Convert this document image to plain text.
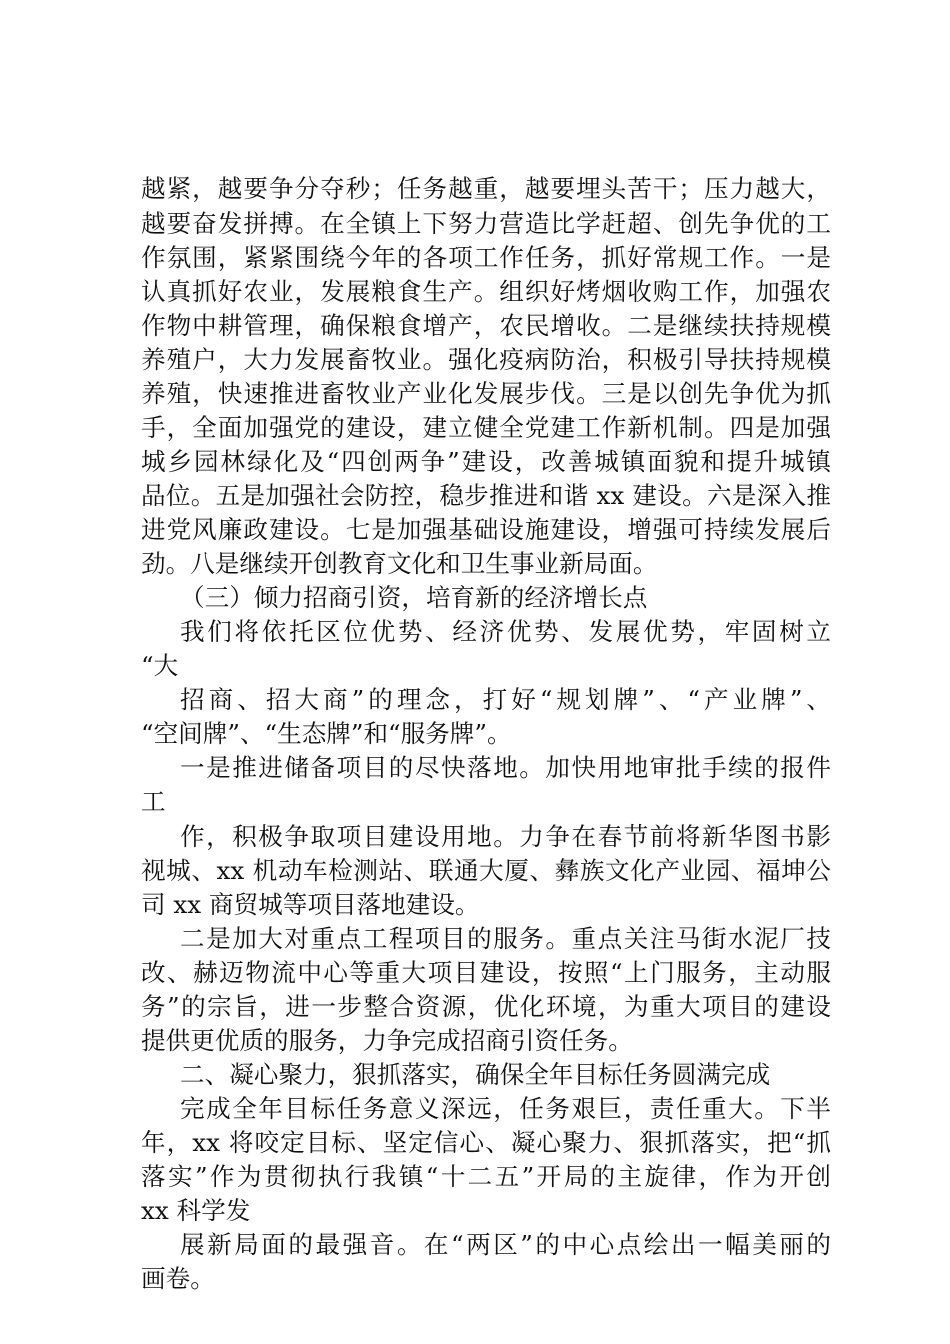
越紧，越要争分夺秒；任务越重，越要埋头苦干；压力越大，
越要奋发拼搏。在全镇上下努力营造比学赶超、创先争优的工
作氛围，紧紧围绕今年的各项工作任务，抓好常规工作。一是
认真抓好农业，发展粮食生产。组织好烤烟收购工作，加强农
作物中耕管理，确保粮食增产，农民增收。二是继续扶持规模
养殖户，大力发展畜牧业。强化疫病防治，积极引导扶持规模
养殖，快速推进畜牧业产业化发展步伐。三是以创先争优为抓
手，全面加强党的建设，建立健全党建工作新机制。四是加强
城乡园林绿化及“四创两争”建设，改善城镇面貌和提升城镇
品位。五是加强社会防控，稳步推进和谐 xx 建设。六是深入推
进党风廉政建设。七是加强基础设施建设，增强可持续发展后
劲。八是继续开创教育文化和卫生事业新局面。
（三）倾力招商引资，培育新的经济增长点
我们将依托区位优势、经济优势、发展优势，牢固树立
“大
招商、招大商”的理念，打好“规划牌”、“产业牌”、
“空间牌”、“生态牌”和“服务牌”。
一是推进储备项目的尽快落地。加快用地审批手续的报件
工
作，积极争取项目建设用地。力争在春节前将新华图书影
视城、xx 机动车检测站、联通大厦、彝族文化产业园、福坤公
司 xx 商贸城等项目落地建设。
二是加大对重点工程项目的服务。重点关注马街水泥厂技
改、赫迈物流中心等重大项目建设，按照“上门服务，主动服
务”的宗旨，进一步整合资源，优化环境，为重大项目的建设
提供更优质的服务，力争完成招商引资任务。
二、凝心聚力，狠抓落实，确保全年目标任务圆满完成
完成全年目标任务意义深远，任务艰巨，责任重大。下半
年，xx 将咬定目标、坚定信心、凝心聚力、狠抓落实，把“抓
落实”作为贯彻执行我镇“十二五”开局的主旋律，作为开创
xx 科学发
展新局面的最强音。在“两区”的中心点绘出一幅美丽的
画卷。
